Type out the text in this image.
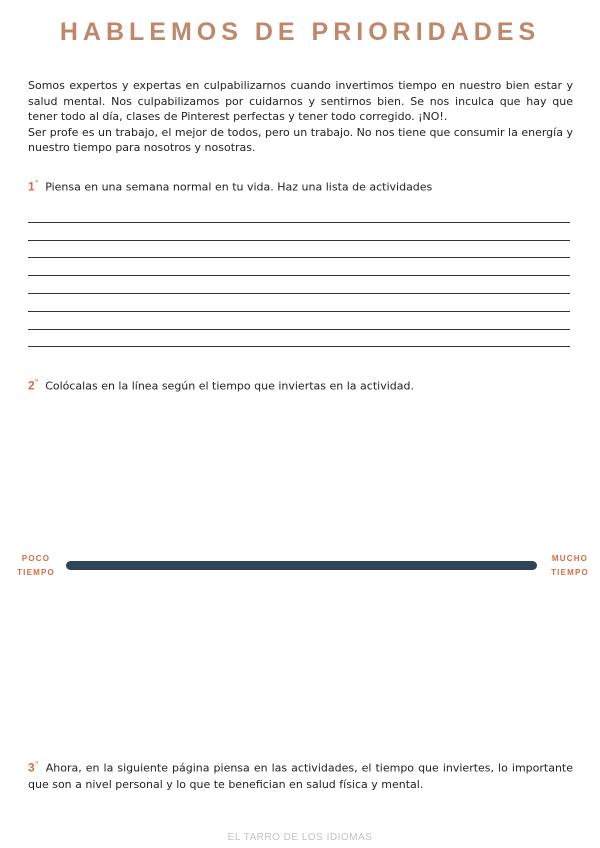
HABLEMOS DE PRIORIDADES

Somos expertos y expertas en culpabilizarnos cuando invertimos tiempo en nuestro bien estar y salud mental. Nos culpabilizamos por cuidarnos y sentirnos bien. Se nos inculca que hay que tener todo al día, clases de Pinterest perfectas y tener todo corregido. ¡NO!.

Ser profe es un trabajo, el mejor de todos, pero un trabajo. No nos tiene que consumir la energía y nuestro tiempo para nosotros y nosotras.

1° Piensa en una semana normal en tu vida. Haz una lista de actividades
2° Colócalas en la línea según el tiempo que inviertas en la actividad.
POCO
TIEMPO
MUCHO
TIEMPO
3° Ahora, en la siguiente página piensa en las actividades, el tiempo que inviertes, lo importante que son a nivel personal y lo que te benefician en salud física y mental.
EL TARRO DE LOS IDIOMAS
